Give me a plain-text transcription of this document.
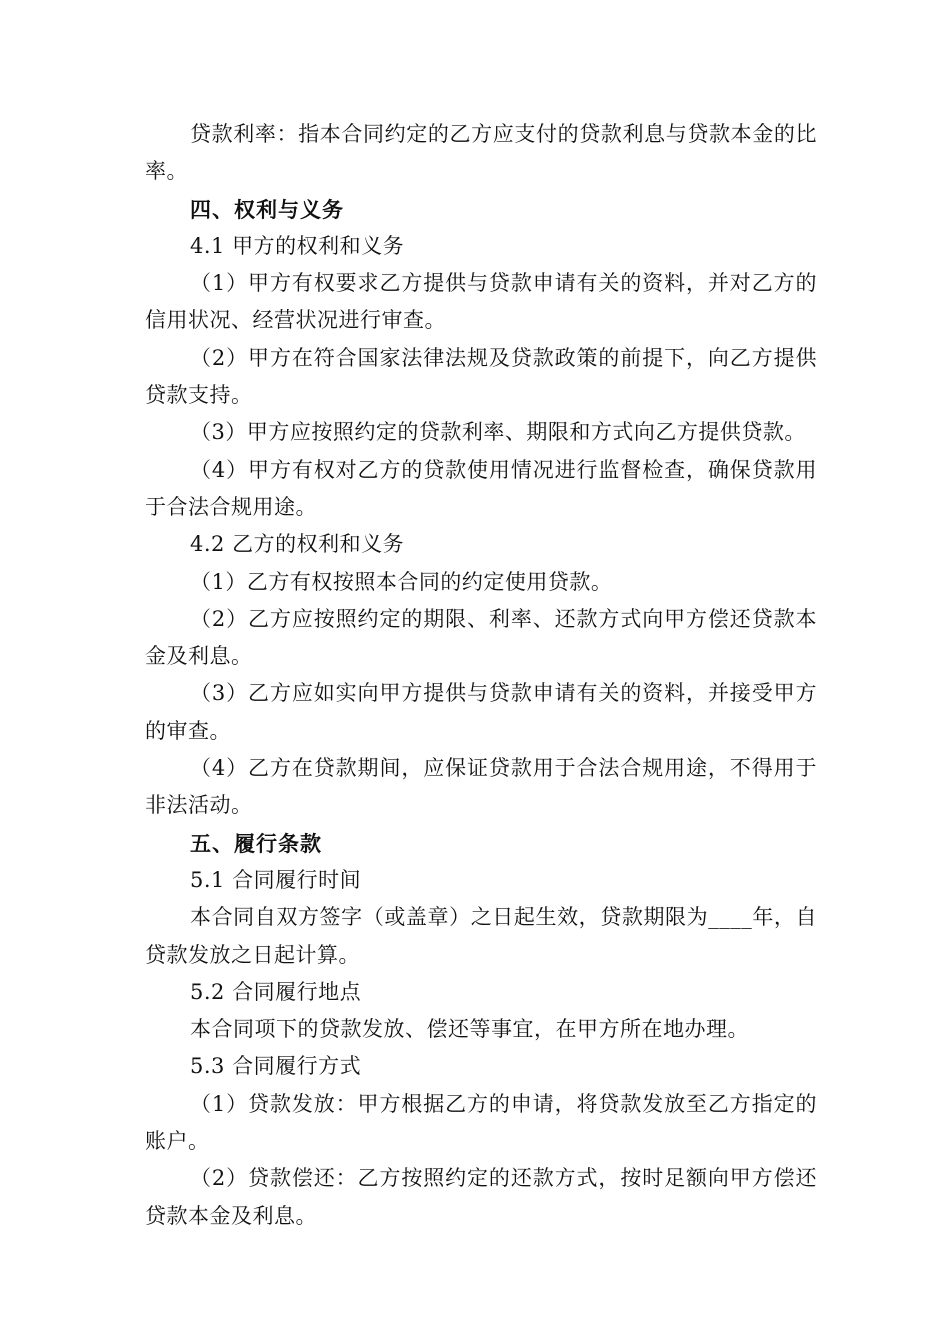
贷款利率：指本合同约定的乙方应支付的贷款利息与贷款本金的比率。

四、权利与义务

4.1 甲方的权利和义务

（1）甲方有权要求乙方提供与贷款申请有关的资料，并对乙方的信用状况、经营状况进行审查。

（2）甲方在符合国家法律法规及贷款政策的前提下，向乙方提供贷款支持。

（3）甲方应按照约定的贷款利率、期限和方式向乙方提供贷款。

（4）甲方有权对乙方的贷款使用情况进行监督检查，确保贷款用于合法合规用途。

4.2 乙方的权利和义务

（1）乙方有权按照本合同的约定使用贷款。

（2）乙方应按照约定的期限、利率、还款方式向甲方偿还贷款本金及利息。

（3）乙方应如实向甲方提供与贷款申请有关的资料，并接受甲方的审查。

（4）乙方在贷款期间，应保证贷款用于合法合规用途，不得用于非法活动。

五、履行条款

5.1 合同履行时间

本合同自双方签字（或盖章）之日起生效，贷款期限为____年，自贷款发放之日起计算。

5.2 合同履行地点

本合同项下的贷款发放、偿还等事宜，在甲方所在地办理。

5.3 合同履行方式

（1）贷款发放：甲方根据乙方的申请，将贷款发放至乙方指定的账户。

（2）贷款偿还：乙方按照约定的还款方式，按时足额向甲方偿还贷款本金及利息。
